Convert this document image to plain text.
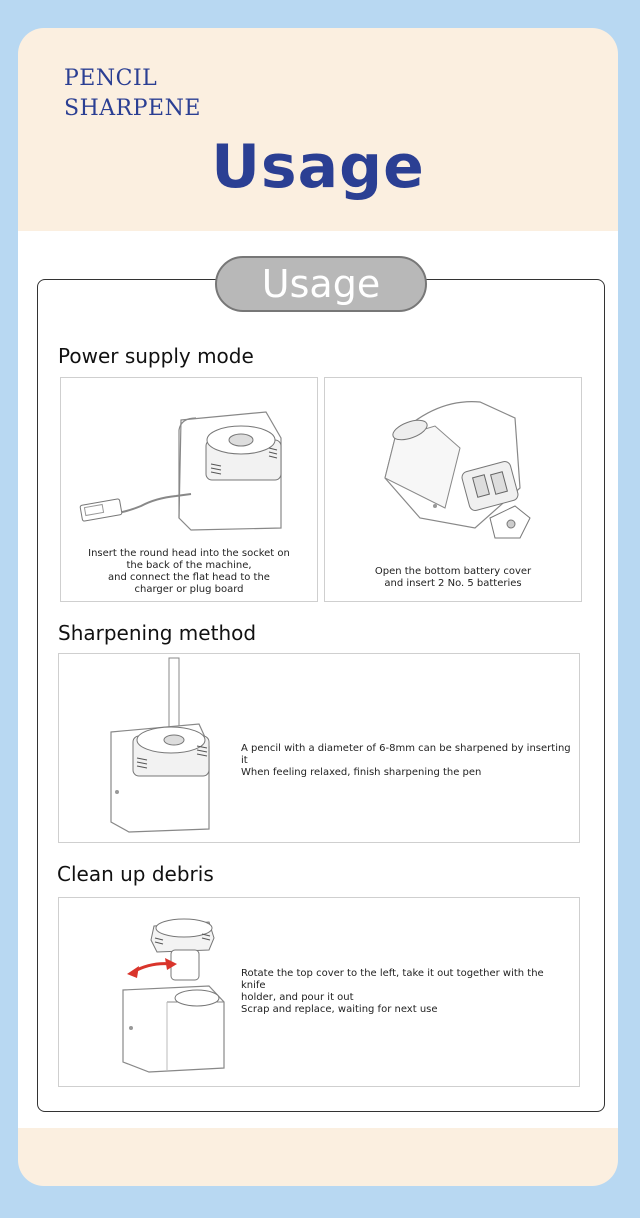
PENCIL
SHARPENE
Usage
Usage
Power supply mode
Insert the round head into the socket on
the back of the machine,
and connect the flat head to the
charger or plug board
Open the bottom battery cover
and insert 2 No. 5 batteries
Sharpening method
A pencil with a diameter of 6-8mm can be sharpened by inserting it
When feeling relaxed, finish sharpening the pen
Clean up debris
Rotate the top cover to the left, take it out together with the knife
holder, and pour it out
Scrap and replace, waiting for next use
